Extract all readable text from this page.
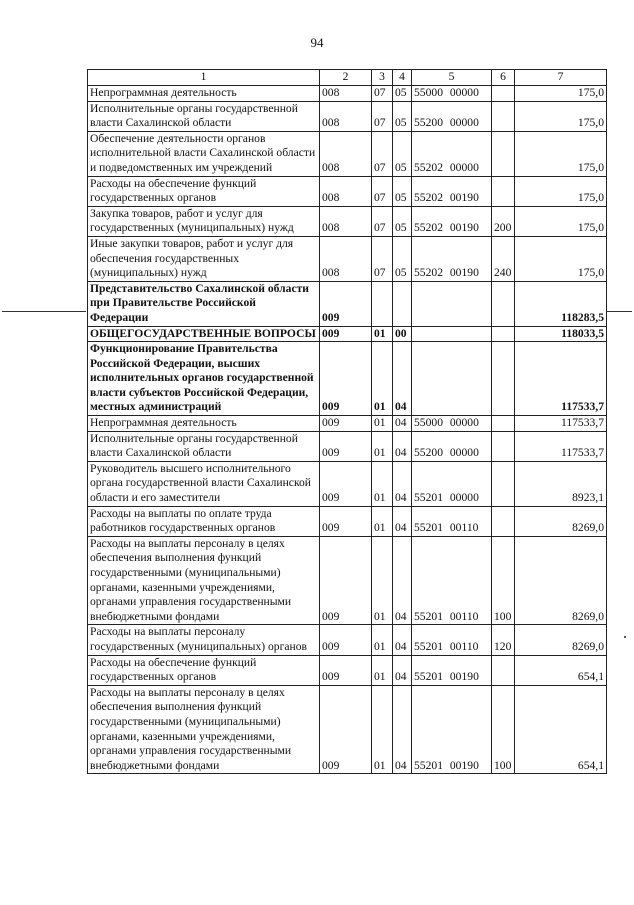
94
1	2	3	4	5	6	7
Непрограммная деятельность	008	07	05	55000 00000		175,0
Исполнительные органы государственной власти Сахалинской области	008	07	05	55200 00000		175,0
Обеспечение деятельности органов исполнительной власти Сахалинской области и подведомственных им учреждений	008	07	05	55202 00000		175,0
Расходы на обеспечение функций государственных органов	008	07	05	55202 00190		175,0
Закупка товаров, работ и услуг для государственных (муниципальных) нужд	008	07	05	55202 00190	200	175,0
Иные закупки товаров, работ и услуг для обеспечения государственных (муниципальных) нужд	008	07	05	55202 00190	240	175,0
Представительство Сахалинской области при Правительстве Российской Федерации	009					118283,5
ОБЩЕГОСУДАРСТВЕННЫЕ ВОПРОСЫ	009	01	00			118033,5
Функционирование Правительства Российской Федерации, высших исполнительных органов государственной власти субъектов Российской Федерации, местных администраций	009	01	04			117533,7
Непрограммная деятельность	009	01	04	55000 00000		117533,7
Исполнительные органы государственной власти Сахалинской области	009	01	04	55200 00000		117533,7
Руководитель высшего исполнительного органа государственной власти Сахалинской области и его заместители	009	01	04	55201 00000		8923,1
Расходы на выплаты по оплате труда работников государственных органов	009	01	04	55201 00110		8269,0
Расходы на выплаты персоналу в целях обеспечения выполнения функций государственными (муниципальными) органами, казенными учреждениями, органами управления государственными внебюджетными фондами	009	01	04	55201 00110	100	8269,0
Расходы на выплаты персоналу государственных (муниципальных) органов	009	01	04	55201 00110	120	8269,0
Расходы на обеспечение функций государственных органов	009	01	04	55201 00190		654,1
Расходы на выплаты персоналу в целях обеспечения выполнения функций государственными (муниципальными) органами, казенными учреждениями, органами управления государственными внебюджетными фондами	009	01	04	55201 00190	100	654,1
